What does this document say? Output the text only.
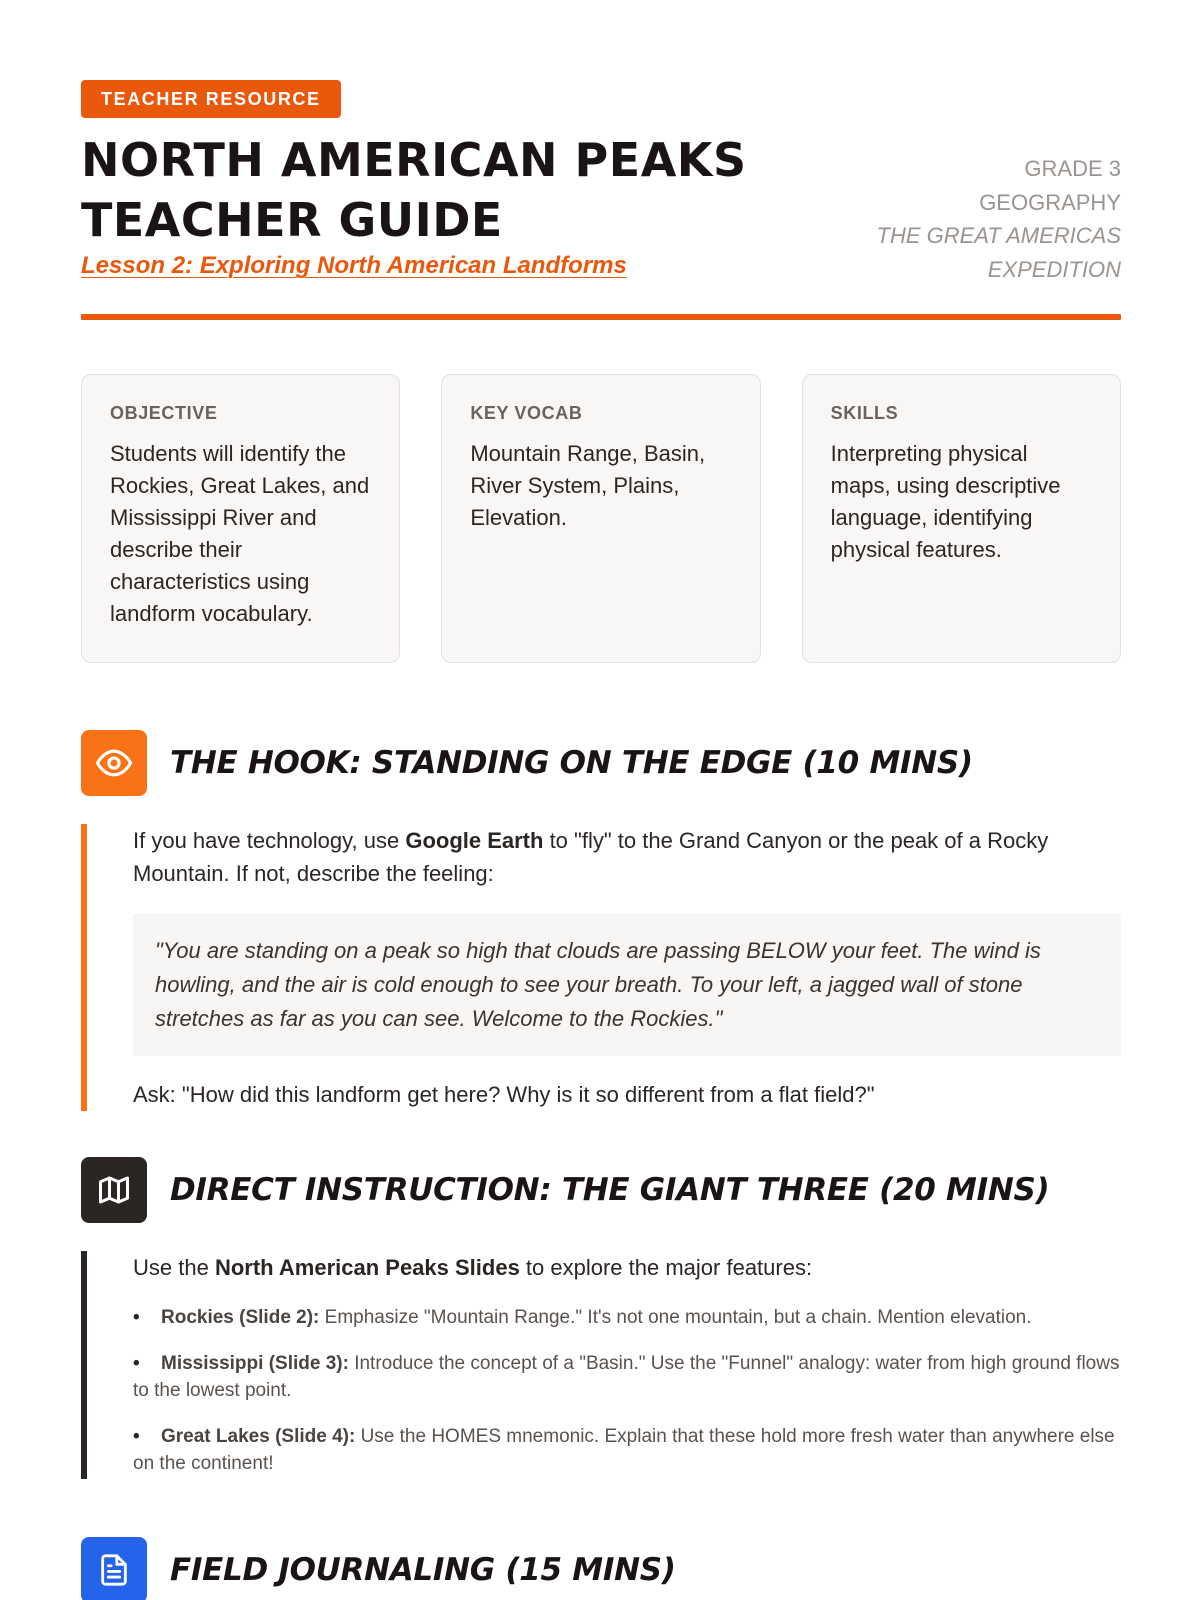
TEACHER RESOURCE
NORTH AMERICAN PEAKS
TEACHER GUIDE
Lesson 2: Exploring North American Landforms
GRADE 3
GEOGRAPHY
THE GREAT AMERICAS
EXPEDITION
OBJECTIVE
Students will identify the Rockies, Great Lakes, and Mississippi River and describe their characteristics using landform vocabulary.
KEY VOCAB
Mountain Range, Basin, River System, Plains, Elevation.
SKILLS
Interpreting physical maps, using descriptive language, identifying physical features.
THE HOOK: STANDING ON THE EDGE (10 MINS)
If you have technology, use Google Earth to "fly" to the Grand Canyon or the peak of a Rocky Mountain. If not, describe the feeling:
"You are standing on a peak so high that clouds are passing BELOW your feet. The wind is howling, and the air is cold enough to see your breath. To your left, a jagged wall of stone stretches as far as you can see. Welcome to the Rockies."
Ask: "How did this landform get here? Why is it so different from a flat field?"
DIRECT INSTRUCTION: THE GIANT THREE (20 MINS)
Use the North American Peaks Slides to explore the major features:
• Rockies (Slide 2): Emphasize "Mountain Range." It's not one mountain, but a chain. Mention elevation.
• Mississippi (Slide 3): Introduce the concept of a "Basin." Use the "Funnel" analogy: water from high ground flows to the lowest point.
• Great Lakes (Slide 4): Use the HOMES mnemonic. Explain that these hold more fresh water than anywhere else on the continent!
FIELD JOURNALING (15 MINS)
